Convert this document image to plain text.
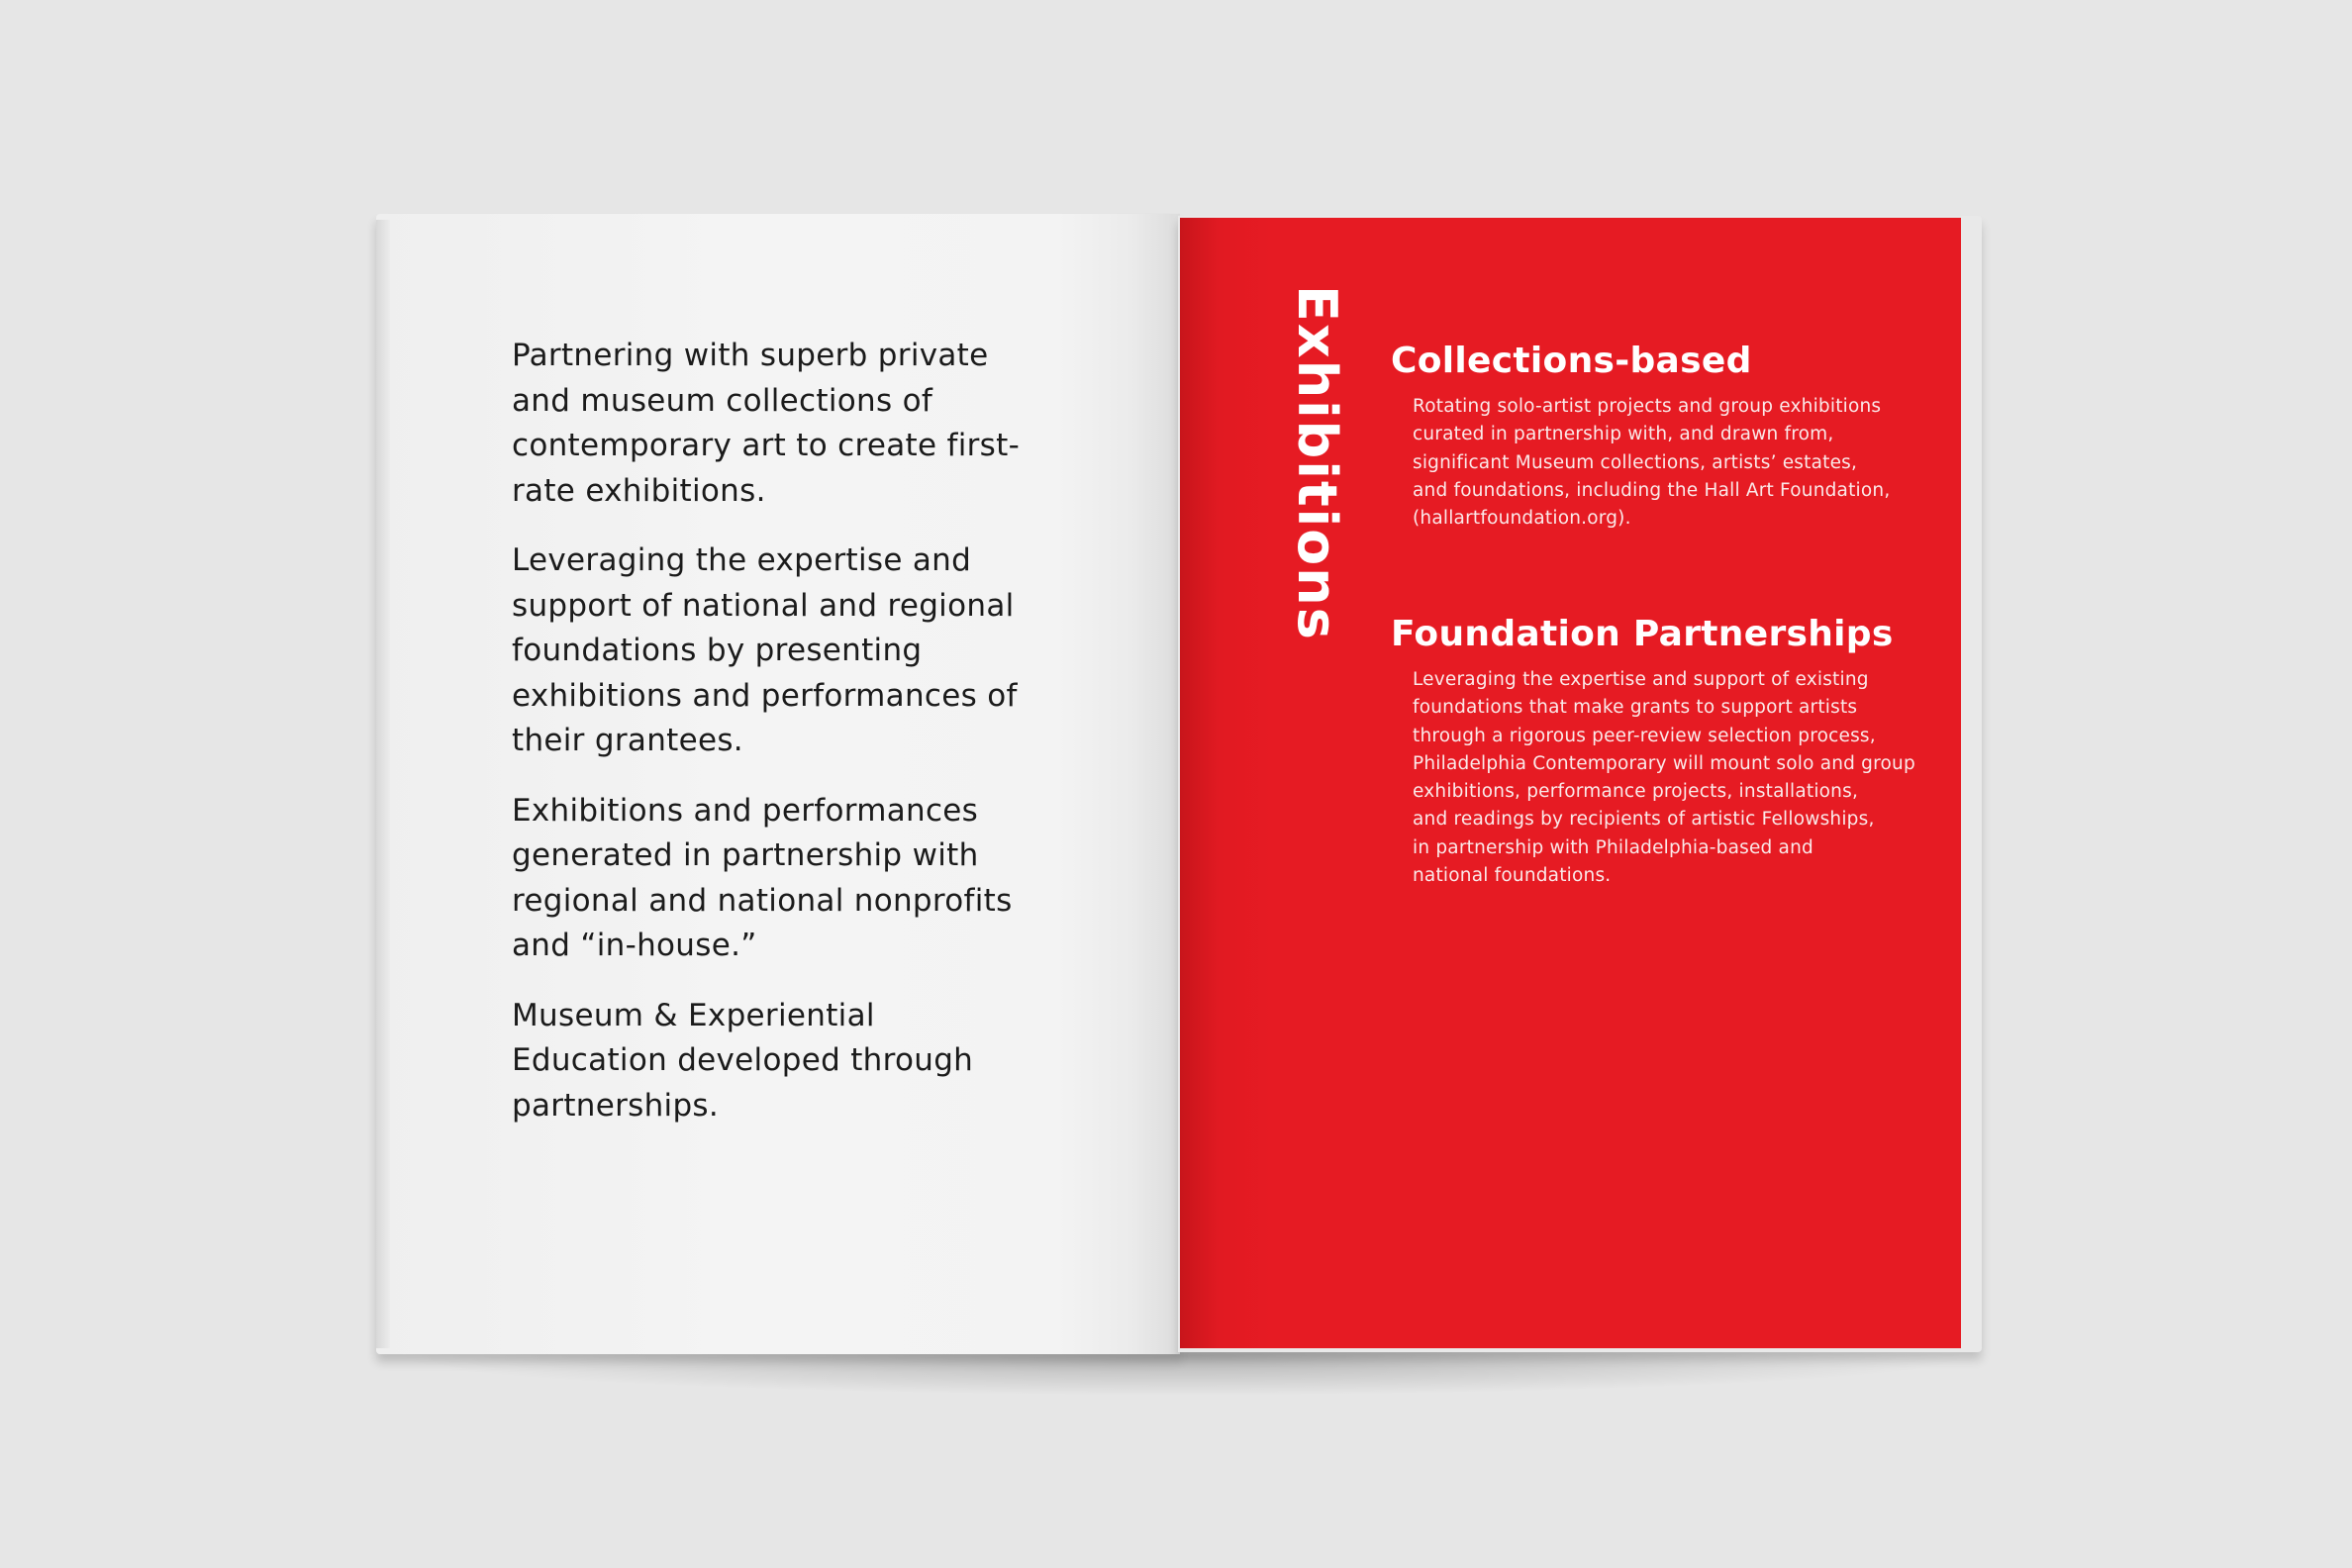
Partnering with superb private and museum collections of contemporary art to create first-rate exhibitions.

Leveraging the expertise and support of national and regional foundations by presenting exhibitions and performances of their grantees.

Exhibitions and performances generated in partnership with regional and national nonprofits and “in-house.”

Museum & Experiential Education developed through partnerships.

Exhibitions Collections-based
Rotating solo-artist projects and group exhibitions
curated in partnership with, and drawn from,
significant Museum collections, artists’ estates,
and foundations, including the Hall Art Foundation,
(hallartfoundation.org).
Foundation Partnerships
Leveraging the expertise and support of existing
foundations that make grants to support artists
through a rigorous peer-review selection process,
Philadelphia Contemporary will mount solo and group
exhibitions, performance projects, installations,
and readings by recipients of artistic Fellowships,
in partnership with Philadelphia-based and
national foundations.
